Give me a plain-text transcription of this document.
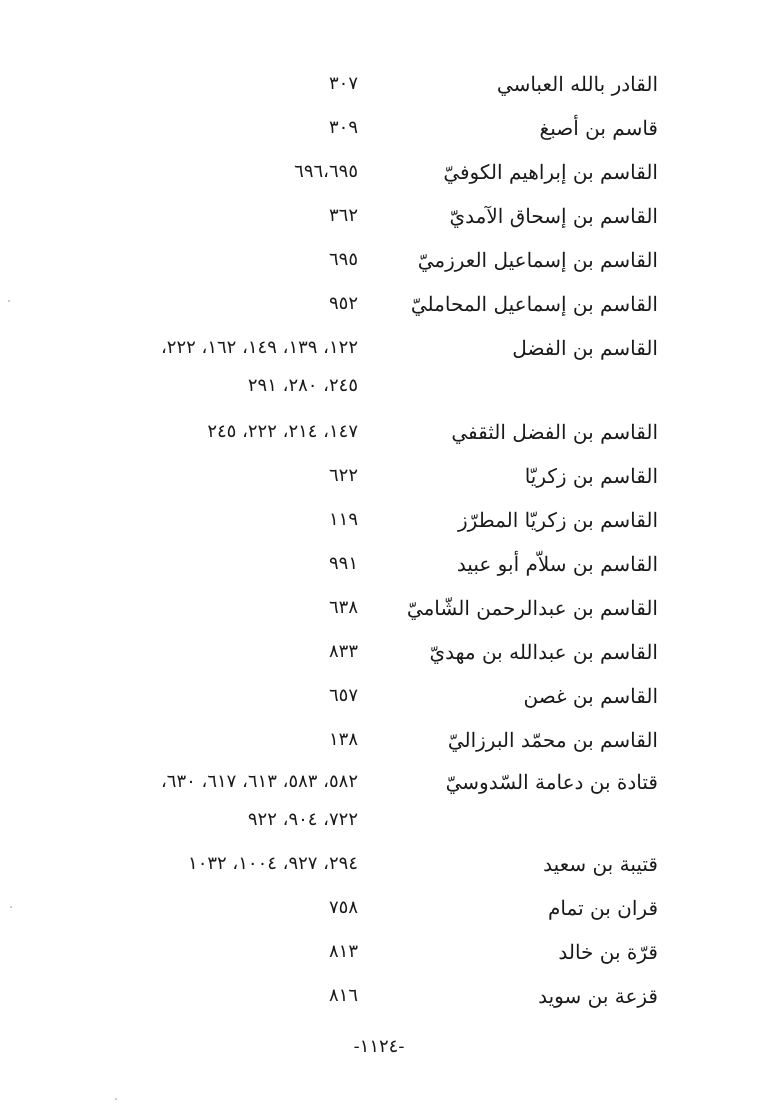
القادر بالله العباسي
٣٠٧
قاسم بن أصبغ
٣٠٩
القاسم بن إبراهيم الكوفيّ
٦٩٦،٦٩٥
القاسم بن إسحاق الآمديّ
٣٦٢
القاسم بن إسماعيل العرزميّ
٦٩٥
القاسم بن إسماعيل المحامليّ
٩٥٢
القاسم بن الفضل
١٢٢، ١٣٩، ١٤٩، ١٦٢، ٢٢٢،
٢٤٥، ٢٨٠، ٢٩١
القاسم بن الفضل الثقفي
١٤٧، ٢١٤، ٢٢٢، ٢٤٥
القاسم بن زكريّا
٦٢٢
القاسم بن زكريّا المطرّز
١١٩
القاسم بن سلاّم أبو عبيد
٩٩١
القاسم بن عبدالرحمن الشّاميّ
٦٣٨
القاسم بن عبدالله بن مهديّ
٨٣٣
القاسم بن غصن
٦٥٧
القاسم بن محمّد البرزاليّ
١٣٨
قتادة بن دعامة السّدوسيّ
٥٨٢، ٥٨٣، ٦١٣، ٦١٧، ٦٣٠،
٧٢٢، ٩٠٤، ٩٢٢
قتيبة بن سعيد
٢٩٤، ٩٢٧، ١٠٠٤، ١٠٣٢
قران بن تمام
٧٥٨
قرّة بن خالد
٨١٣
قزعة بن سويد
٨١٦
-١١٢٤-
